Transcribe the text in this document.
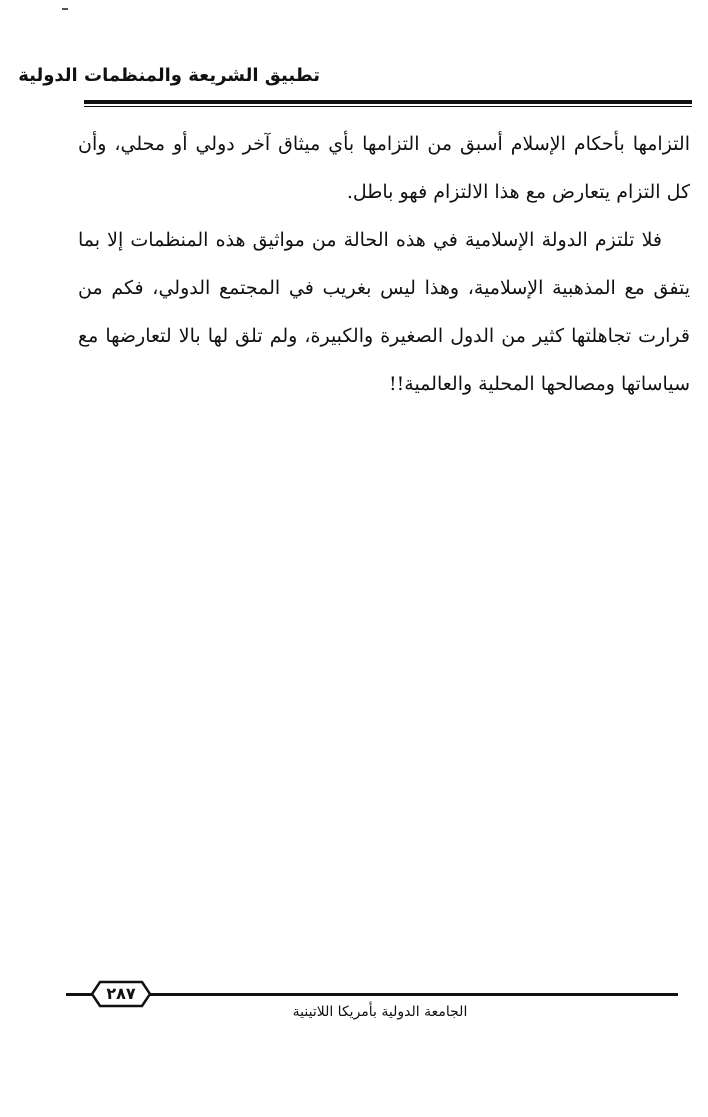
تطبيق الشريعة والمنظمات الدولية

التزامها بأحكام الإسلام أسبق من التزامها بأي ميثاق آخر دولي أو محلي، وأن كل التزام يتعارض مع هذا الالتزام فهو باطل.

فلا تلتزم الدولة الإسلامية في هذه الحالة من مواثيق هذه المنظمات إلا بما يتفق مع المذهبية الإسلامية، وهذا ليس بغريب في المجتمع الدولي، فكم من قرارت تجاهلتها كثير من الدول الصغيرة والكبيرة، ولم تلق لها بالا لتعارضها مع سياساتها ومصالحها المحلية والعالمية!!

٢٨٧
الجامعة الدولية بأمريكا اللاتينية
